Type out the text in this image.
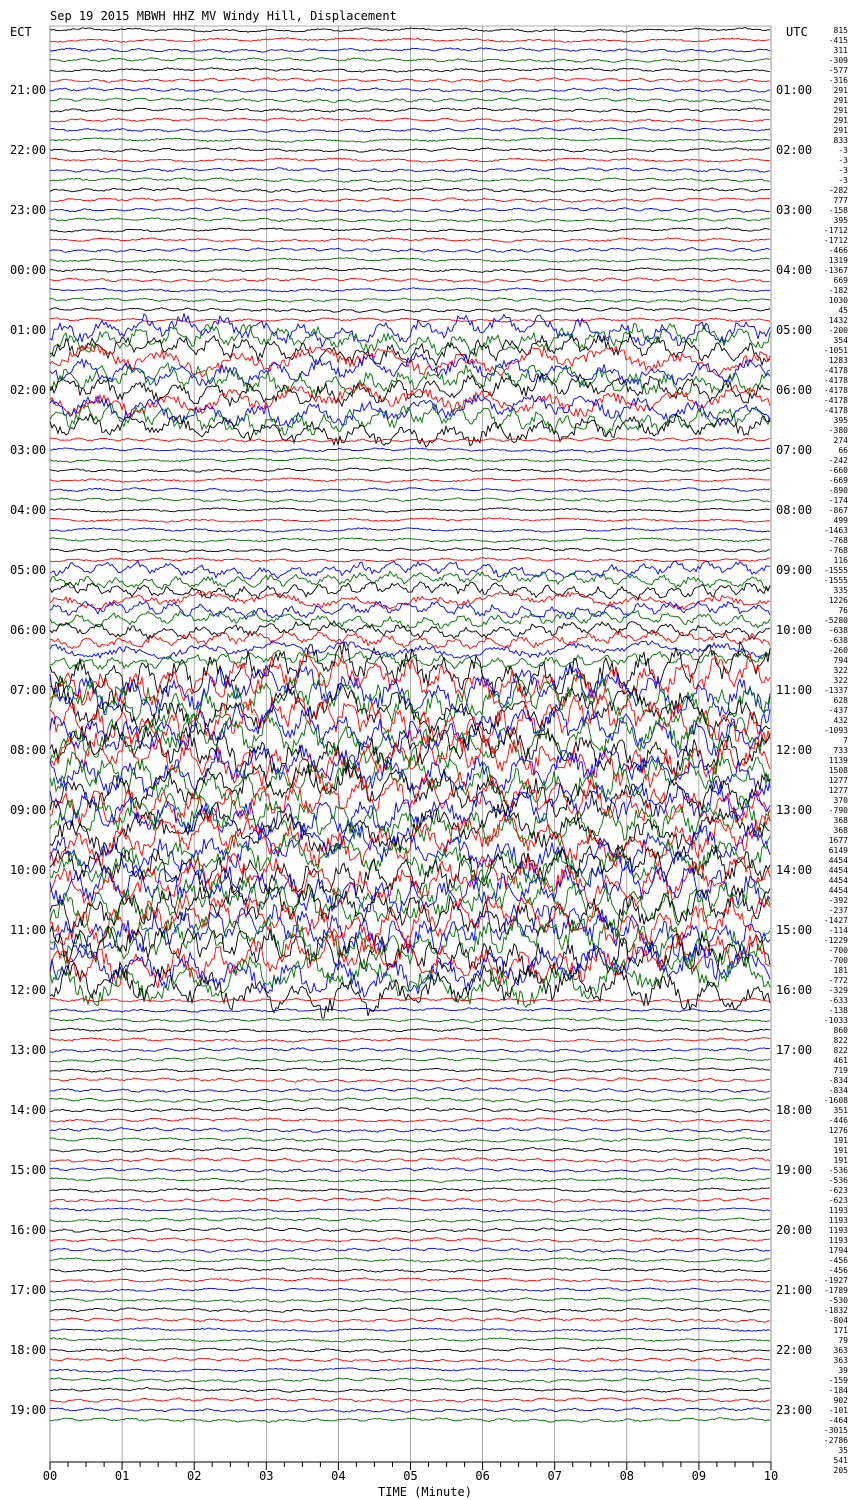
Sep 19 2015 MBWH HHZ MV Windy Hill, Displacement
ECT	UTC
TIME (Minute)
21:00
22:00
23:00
00:00
01:00
02:00
03:00
04:00
05:00
06:00
07:00
08:00
09:00
10:00
11:00
12:00
13:00
14:00
15:00
16:00
17:00
18:00
19:00
01:00
02:00
03:00
04:00
05:00
06:00
07:00
08:00
09:00
10:00
11:00
12:00
13:00
14:00
15:00
16:00
17:00
18:00
19:00
20:00
21:00
22:00
23:00
815
-415
311
-309
-577
-316
291
291
291
291
291
833
-3
-3
-3
-3
-282
777
-158
395
-1712
-1712
-466
1319
-1367
669
-182
1030
45
1432
-200
354
-1051
1283
-4178
-4178
-4178
-4178
-4178
395
-380
274
66
-242
-660
-669
-890
-174
-867
499
-1463
-768
-768
116
-1555
-1555
335
1226
76
-5280
-638
-638
-260
794
322
322
-1337
628
-437
432
-1093
7
733
1139
1508
1277
1277
370
-790
368
368
1677
6149
4454
4454
4454
4454
-392
-237
-1427
-114
-1229
-700
-700
181
-772
-329
-633
-138
-1033
860
822
822
461
719
-834
-834
-1608
351
-446
1276
191
191
191
-536
-536
-623
-623
1193
1193
1193
1193
1794
-456
-456
-1927
-1789
-530
-1832
-804
171
79
363
363
39
-159
-184
902
-101
-464
-3015
-2786
35
541
205
00	01	02	03	04	05	06	07	08	09	10
